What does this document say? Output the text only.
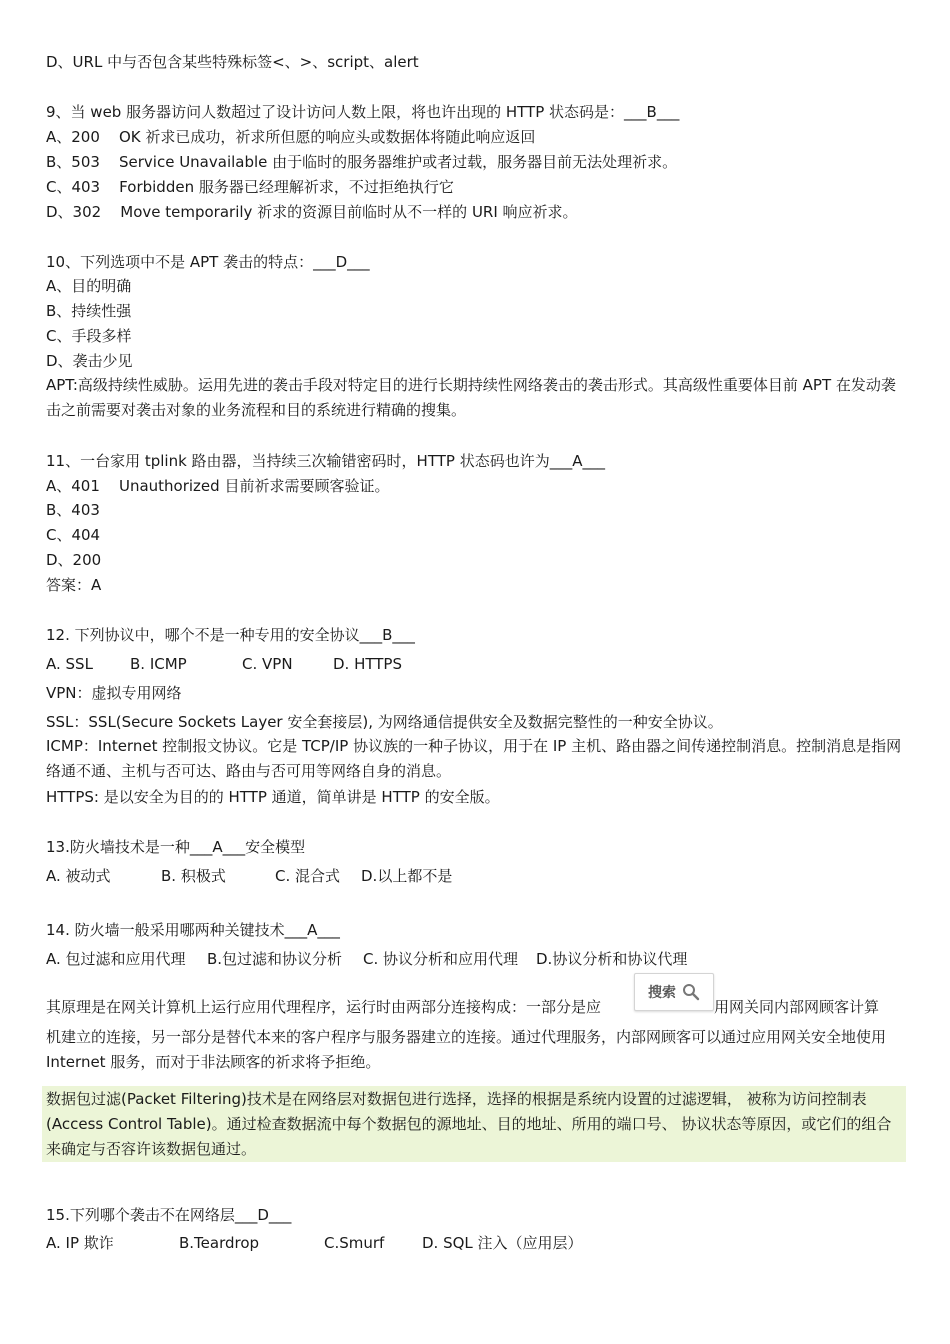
D、URL 中与否包含某些特殊标签<、>、script、alert
9、当 web 服务器访问人数超过了设计访问人数上限，将也许出现的 HTTP 状态码是：___B___
A、200    OK 祈求已成功，祈求所但愿的响应头或数据体将随此响应返回
B、503    Service Unavailable 由于临时的服务器维护或者过载，服务器目前无法处理祈求。
C、403    Forbidden 服务器已经理解祈求，不过拒绝执行它
D、302    Move temporarily 祈求的资源目前临时从不一样的 URI 响应祈求。
10、下列选项中不是 APT 袭击的特点：___D___
A、目的明确
B、持续性强
C、手段多样
D、袭击少见
APT:高级持续性威胁。运用先进的袭击手段对特定目的进行长期持续性网络袭击的袭击形式。其高级性重要体目前 APT 在发动袭击之前需要对袭击对象的业务流程和目的系统进行精确的搜集。
11、一台家用 tplink 路由器，当持续三次输错密码时，HTTP 状态码也许为___A___
A、401    Unauthorized 目前祈求需要顾客验证。
B、403
C、404
D、200
答案：A
12. 下列协议中，哪个不是一种专用的安全协议___B___
A. SSL B. ICMP	C. VPN	D. HTTPS
VPN：虚拟专用网络
SSL：SSL(Secure Sockets Layer 安全套接层), 为网络通信提供安全及数据完整性的一种安全协议。
ICMP：Internet 控制报文协议。它是 TCP/IP 协议族的一种子协议，用于在 IP 主机、路由器之间传递控制消息。控制消息是指网络通不通、主机与否可达、路由与否可用等网络自身的消息。
HTTPS: 是以安全为目的的 HTTP 通道，简单讲是 HTTP 的安全版。
13.防火墙技术是一种___A___安全模型
A. 被动式	B. 积极式	C. 混合式 D.以上都不是
14. 防火墙一般采用哪两种关键技术___A___
A. 包过滤和应用代理 B.包过滤和协议分析 C. 协议分析和应用代理 D.协议分析和协议代理
其原理是在网关计算机上运行应用代理程序，运行时由两部分连接构成：一部分是应	用网关同内部网顾客计算
搜索
机建立的连接，另一部分是替代本来的客户程序与服务器建立的连接。通过代理服务，内部网顾客可以通过应用网关安全地使用 Internet 服务，而对于非法顾客的祈求将予拒绝。
数据包过滤(Packet Filtering)技术是在网络层对数据包进行选择，选择的根据是系统内设置的过滤逻辑， 被称为访问控制表(Access Control Table)。通过检查数据流中每个数据包的源地址、目的地址、所用的端口号、 协议状态等原因，或它们的组合来确定与否容许该数据包通过。
15.下列哪个袭击不在网络层___D___
A. IP 欺诈	B.Teardrop	C.Smurf	D. SQL 注入（应用层）
